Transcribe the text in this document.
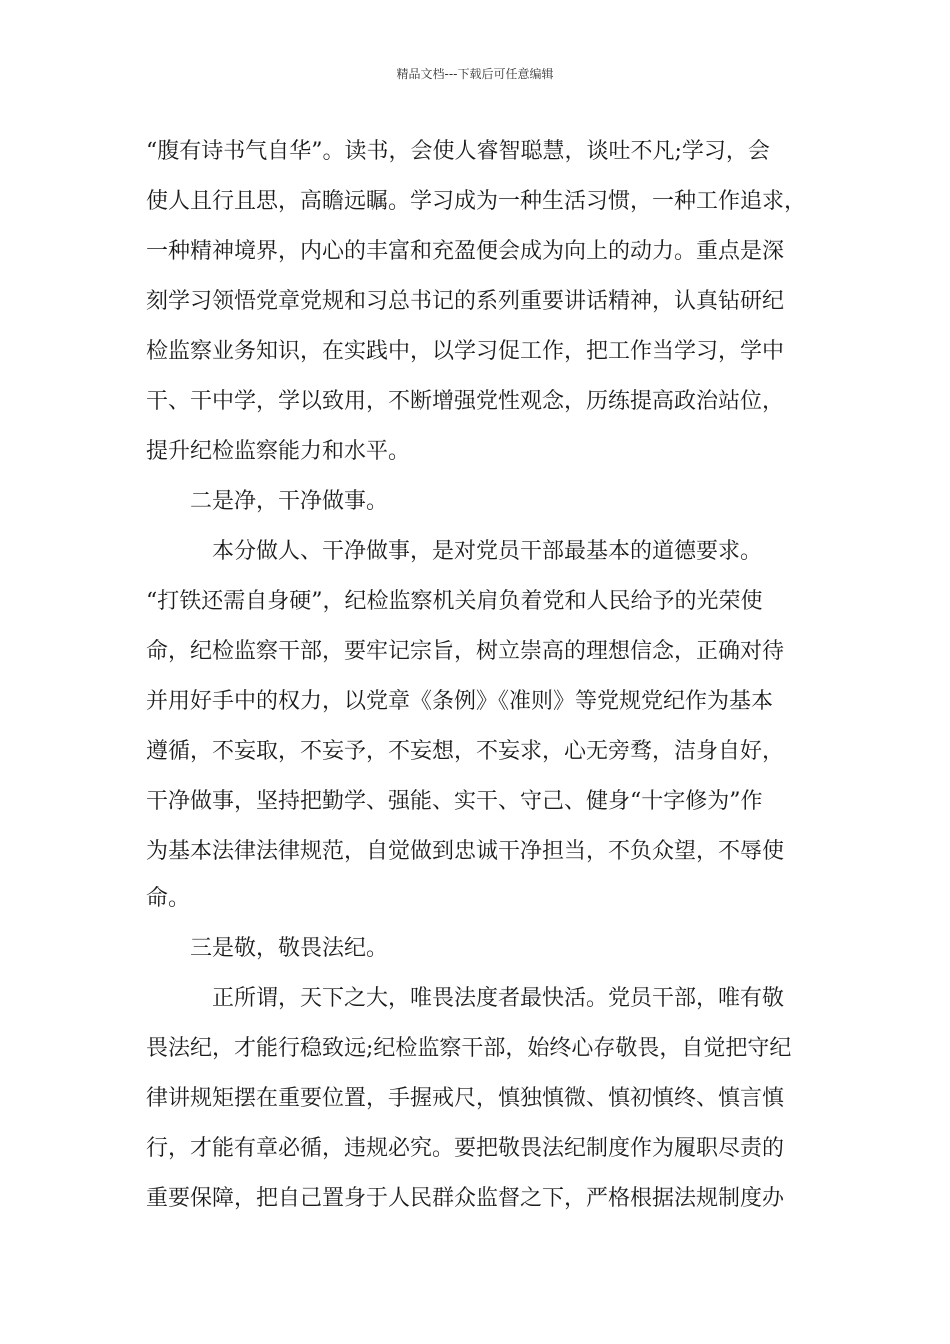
精品文档---下载后可任意编辑
“腹有诗书气自华”。读书，会使人睿智聪慧，谈吐不凡;学习，会
使人且行且思，高瞻远瞩。学习成为一种生活习惯，一种工作追求，
一种精神境界，内心的丰富和充盈便会成为向上的动力。重点是深
刻学习领悟党章党规和习总书记的系列重要讲话精神，认真钻研纪
检监察业务知识，在实践中，以学习促工作，把工作当学习，学中
干、干中学，学以致用，不断增强党性观念，历练提高政治站位，
提升纪检监察能力和水平。
二是净，干净做事。
本分做人、干净做事，是对党员干部最基本的道德要求。
“打铁还需自身硬”，纪检监察机关肩负着党和人民给予的光荣使
命，纪检监察干部，要牢记宗旨，树立崇高的理想信念，正确对待
并用好手中的权力，以党章《条例》《准则》等党规党纪作为基本
遵循，不妄取，不妄予，不妄想，不妄求，心无旁骛，洁身自好，
干净做事，坚持把勤学、强能、实干、守己、健身“十字修为”作
为基本法律法律规范，自觉做到忠诚干净担当，不负众望，不辱使
命。
三是敬，敬畏法纪。
正所谓，天下之大，唯畏法度者最快活。党员干部，唯有敬
畏法纪，才能行稳致远;纪检监察干部，始终心存敬畏，自觉把守纪
律讲规矩摆在重要位置，手握戒尺，慎独慎微、慎初慎终、慎言慎
行，才能有章必循，违规必究。要把敬畏法纪制度作为履职尽责的
重要保障，把自己置身于人民群众监督之下，严格根据法规制度办
